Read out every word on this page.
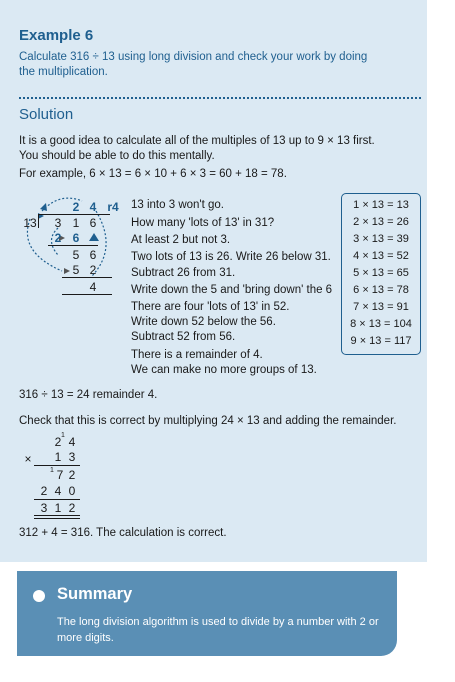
Example 6
Calculate 316 ÷ 13 using long division and check your work by doing
the multiplication.
Solution
It is a good idea to calculate all of the multiples of 13 up to 9 × 13 first.
You should be able to do this mentally.
For example, 6 × 13 = 6 × 10 + 6 × 3 = 60 + 18 = 78.
2 4 r4
13 3 1 6
2 6
5 6
5 2
4
13 into 3 won't go.
How many 'lots of 13' in 31?
At least 2 but not 3.
Two lots of 13 is 26. Write 26 below 31.
Subtract 26 from 31.
Write down the 5 and 'bring down' the 6
There are four 'lots of 13' in 52.
Write down 52 below the 56.
Subtract 52 from 56.
There is a remainder of 4.
We can make no more groups of 13.
1 × 13 = 13
2 × 13 = 26
3 × 13 = 39
4 × 13 = 52
5 × 13 = 65
6 × 13 = 78
7 × 13 = 91
8 × 13 = 104
9 × 13 = 117
316 ÷ 13 = 24 remainder 4.
Check that this is correct by multiplying 24 × 13 and adding the remainder.
2 1 4
× 1 3
1 7 2
2 4 0
3 1 2
312 + 4 = 316. The calculation is correct.
Summary
The long division algorithm is used to divide by a number with 2 or more digits.
